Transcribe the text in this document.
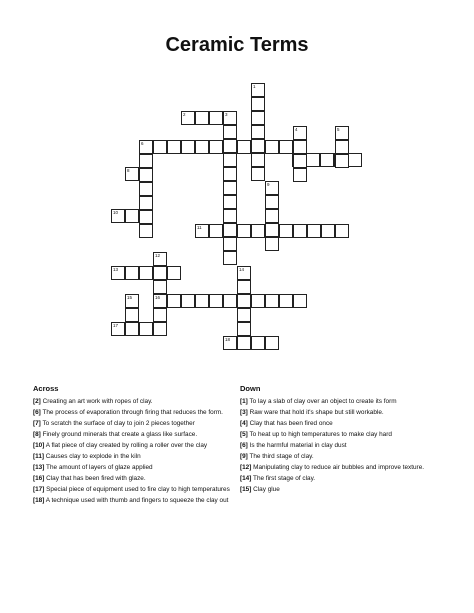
Ceramic Terms
2	3
6
8
10
11
13
16
17
18
1
4	5
9
12
14
15
Across	Down
[2] Creating an art work with ropes of clay.
[6] The process of evaporation through firing that reduces the form.
[7] To scratch the surface of clay to join 2 pieces together
[8] Finely ground minerals that create a glass like surface.
[10] A flat piece of clay created by rolling a roller over the clay
[11] Causes clay to explode in the kiln
[13] The amount of layers of glaze applied
[16] Clay that has been fired with glaze.
[17] Special piece of equipment used to fire clay to high temperatures
[18] A technique used with thumb and fingers to squeeze the clay out
[1] To lay a slab of clay over an object to create its form
[3] Raw ware that hold it's shape but still workable.
[4] Clay that has been fired once
[5] To heat up to high temperatures to make clay hard
[6] Is the harmful material in clay dust
[9] The third stage of clay.
[12] Manipulating clay to reduce air bubbles and improve texture.
[14] The first stage of clay.
[15] Clay glue
